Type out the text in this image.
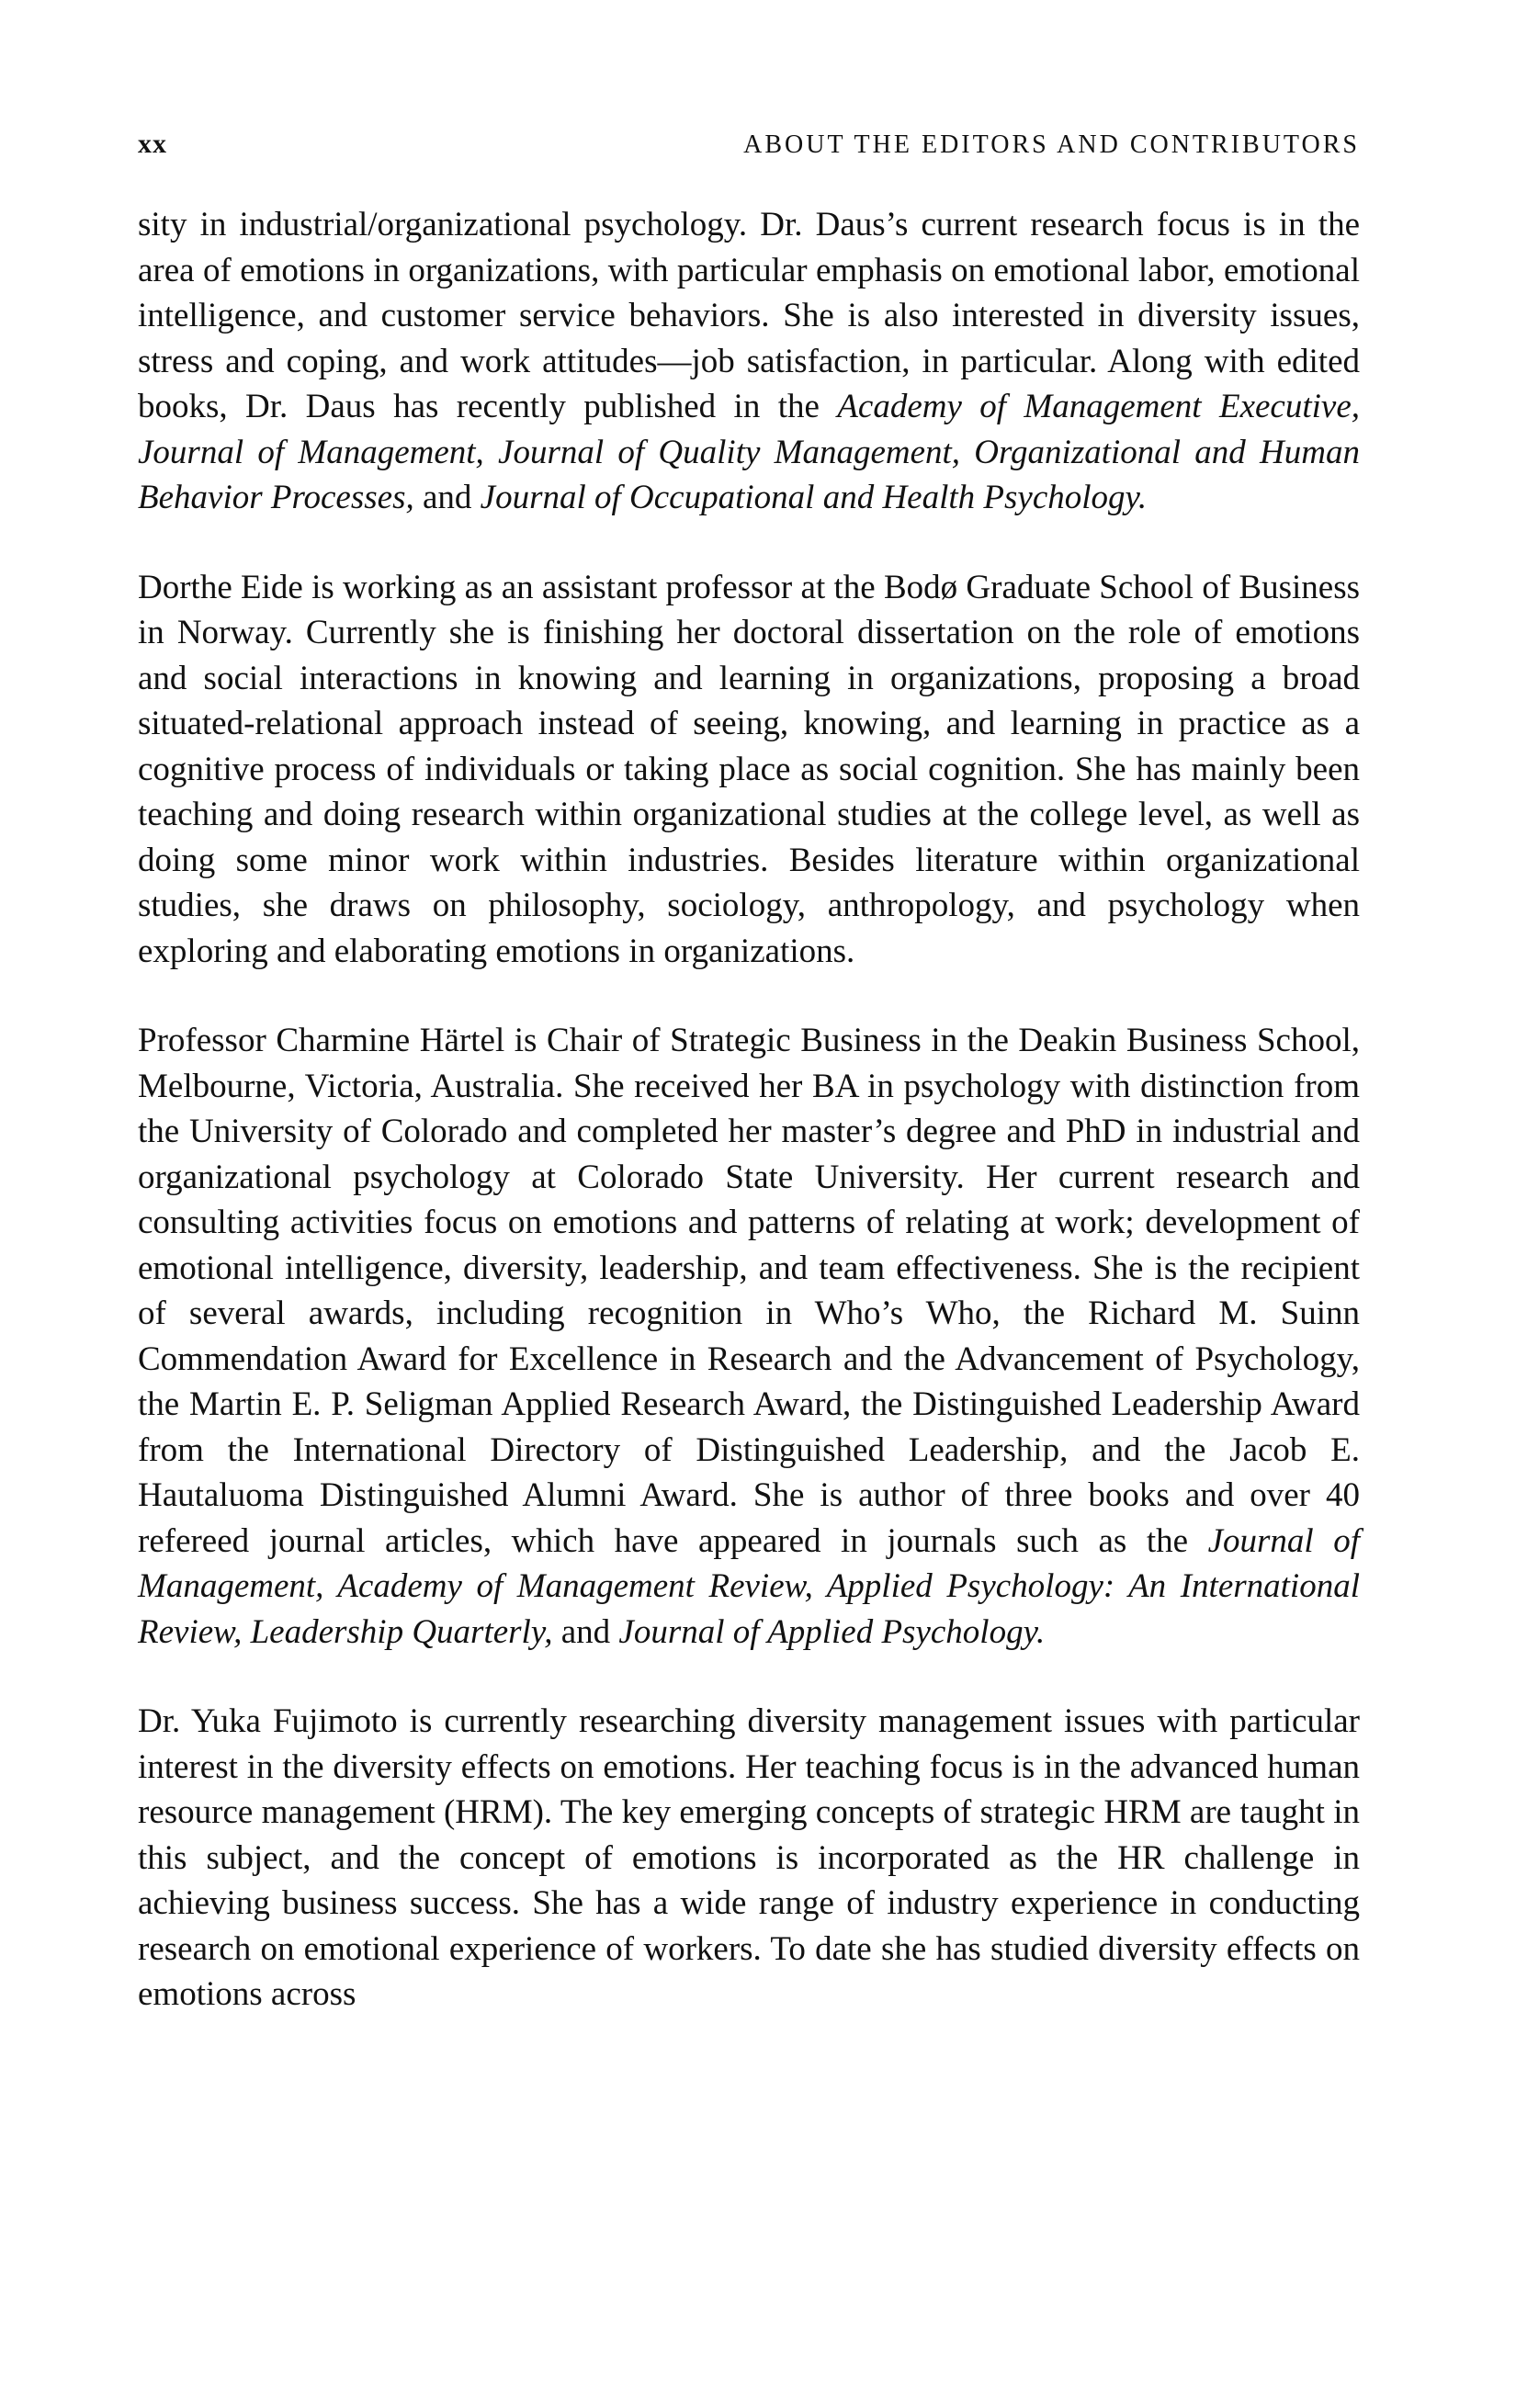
xx	ABOUT THE EDITORS AND CONTRIBUTORS

sity in industrial/organizational psychology. Dr. Daus’s current research focus is in the area of emotions in organizations, with particular emphasis on emotional labor, emotional intelligence, and customer service behaviors. She is also interested in diversity issues, stress and coping, and work attitudes—job satisfaction, in particular. Along with edited books, Dr. Daus has recently published in the Academy of Management Executive, Journal of Management, Journal of Quality Management, Organizational and Human Behavior Processes, and Journal of Occupational and Health Psychology.

Dorthe Eide is working as an assistant professor at the Bodø Graduate School of Business in Norway. Currently she is finishing her doctoral dissertation on the role of emotions and social interactions in knowing and learning in organizations, proposing a broad situated-relational approach instead of seeing, knowing, and learning in practice as a cognitive process of individuals or taking place as social cognition. She has mainly been teaching and doing research within organizational studies at the college level, as well as doing some minor work within industries. Besides literature within organizational studies, she draws on philosophy, sociology, anthropology, and psychology when exploring and elaborating emotions in organizations.

Professor Charmine Härtel is Chair of Strategic Business in the Deakin Business School, Melbourne, Victoria, Australia. She received her BA in psychology with distinction from the University of Colorado and completed her master’s degree and PhD in industrial and organizational psychology at Colorado State University. Her current research and consulting activities focus on emotions and patterns of relating at work; development of emotional intelligence, diversity, leadership, and team effectiveness. She is the recipient of several awards, including recognition in Who’s Who, the Richard M. Suinn Commendation Award for Excellence in Research and the Advancement of Psychology, the Martin E. P. Seligman Applied Research Award, the Distinguished Leadership Award from the International Directory of Distinguished Leadership, and the Jacob E. Hautaluoma Distinguished Alumni Award. She is author of three books and over 40 refereed journal articles, which have appeared in journals such as the Journal of Management, Academy of Management Review, Applied Psychology: An International Review, Leadership Quarterly, and Journal of Applied Psychology.

Dr. Yuka Fujimoto is currently researching diversity management issues with particular interest in the diversity effects on emotions. Her teaching focus is in the advanced human resource management (HRM). The key emerging concepts of strategic HRM are taught in this subject, and the concept of emotions is incorporated as the HR challenge in achieving business success. She has a wide range of industry experience in conducting research on emotional experience of workers. To date she has studied diversity effects on emotions across
